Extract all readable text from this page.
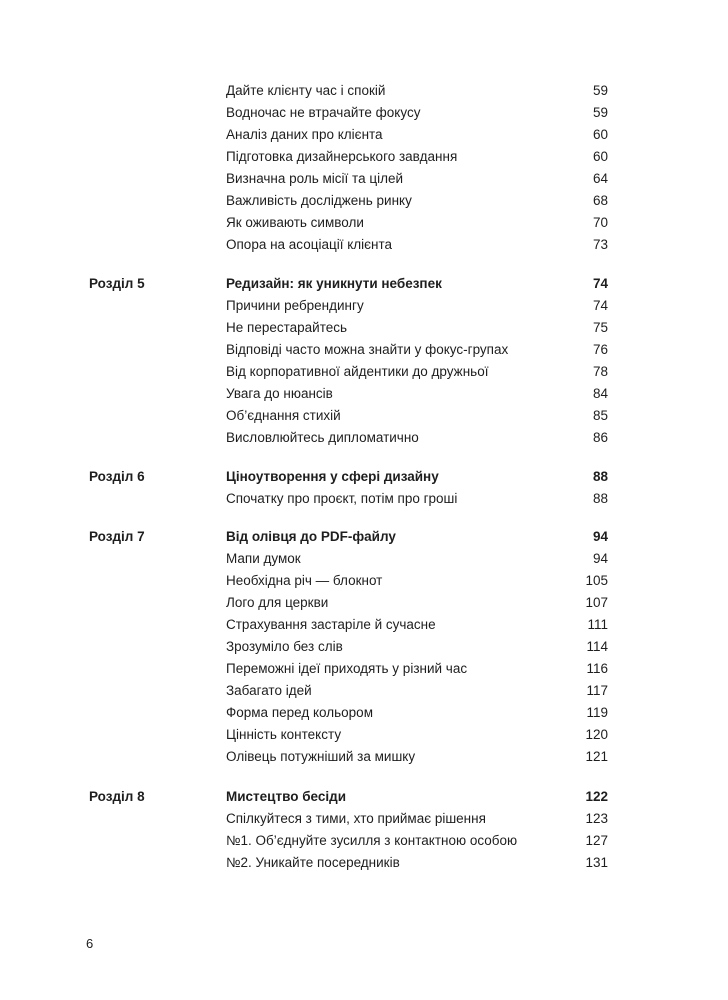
Дайте клієнту час і спокій	59
Водночас не втрачайте фокусу	59
Аналіз даних про клієнта	60
Підготовка дизайнерського завдання	60
Визначна роль місії та цілей	64
Важливість досліджень ринку	68
Як оживають символи	70
Опора на асоціації клієнта	73
Розділ 5	Редизайн: як уникнути небезпек	74
Причини ребрендингу	74
Не перестарайтесь	75
Відповіді часто можна знайти у фокус-групах	76
Від корпоративної айдентики до дружньої	78
Увага до нюансів	84
Об’єднання стихій	85
Висловлюйтесь дипломатично	86
Розділ 6	Ціноутворення у сфері дизайну	88
Спочатку про проєкт, потім про гроші	88
Розділ 7	Від олівця до PDF-файлу	94
Мапи думок	94
Необхідна річ — блокнот	105
Лого для церкви	107
Страхування застаріле й сучасне	111
Зрозуміло без слів	114
Переможні ідеї приходять у різний час	116
Забагато ідей	117
Форма перед кольором	119
Цінність контексту	120
Олівець потужніший за мишку	121
Розділ 8	Мистецтво бесіди	122
Спілкуйтеся з тими, хто приймає рішення	123
№1. Об’єднуйте зусилля з контактною особою	127
№2. Уникайте посередників	131
6
